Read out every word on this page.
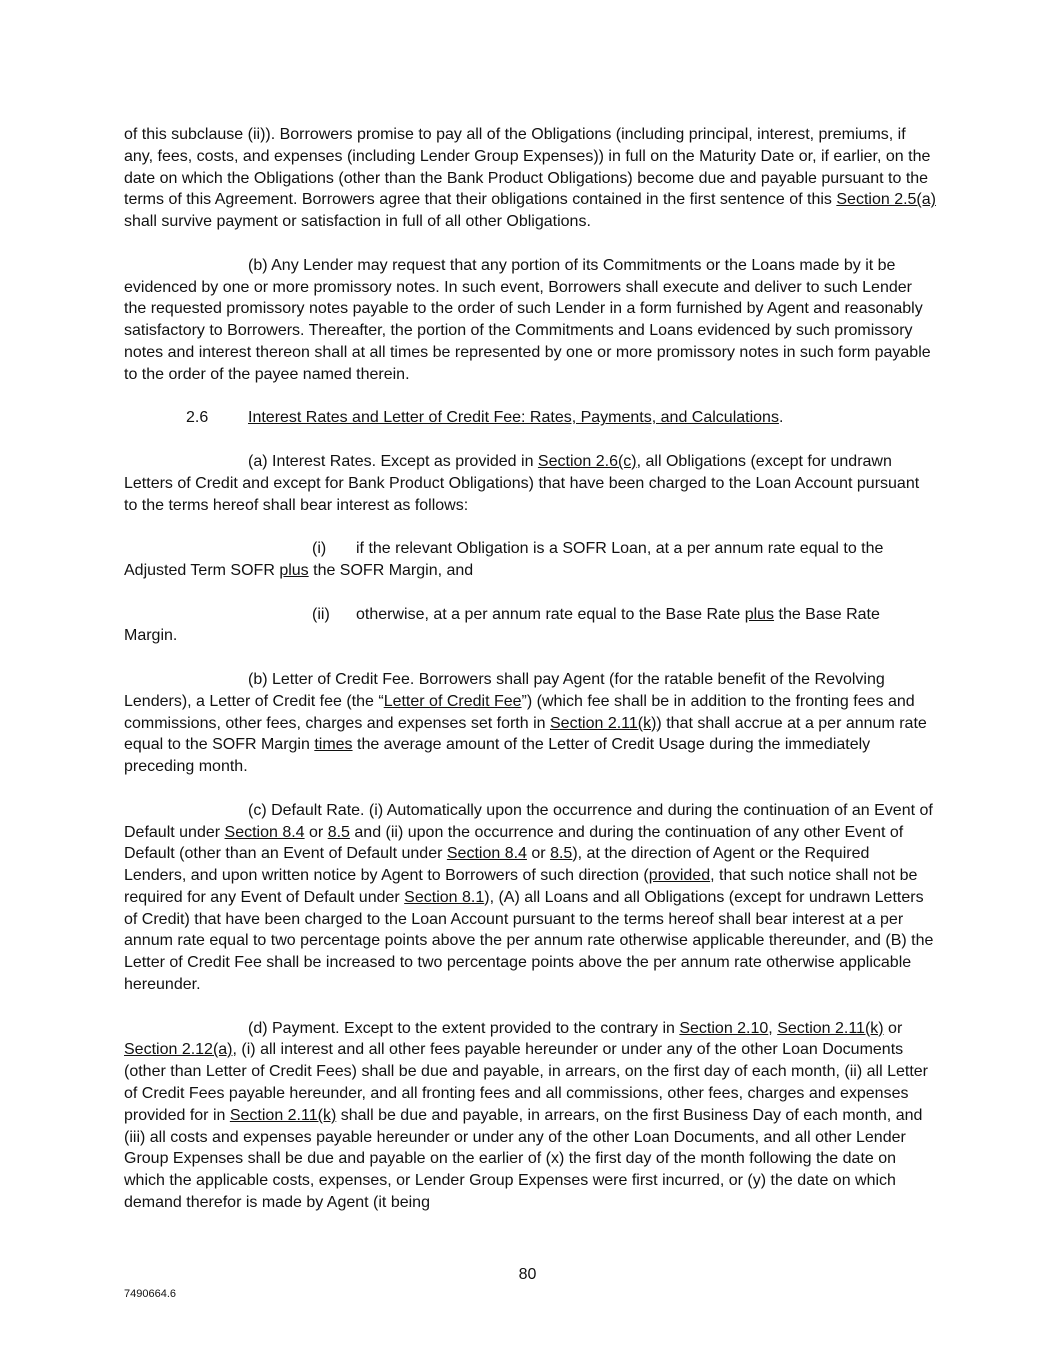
of this subclause (ii)). Borrowers promise to pay all of the Obligations (including principal, interest, premiums, if any, fees, costs, and expenses (including Lender Group Expenses)) in full on the Maturity Date or, if earlier, on the date on which the Obligations (other than the Bank Product Obligations) become due and payable pursuant to the terms of this Agreement. Borrowers agree that their obligations contained in the first sentence of this Section 2.5(a) shall survive payment or satisfaction in full of all other Obligations.

(b) Any Lender may request that any portion of its Commitments or the Loans made by it be evidenced by one or more promissory notes. In such event, Borrowers shall execute and deliver to such Lender the requested promissory notes payable to the order of such Lender in a form furnished by Agent and reasonably satisfactory to Borrowers. Thereafter, the portion of the Commitments and Loans evidenced by such promissory notes and interest thereon shall at all times be represented by one or more promissory notes in such form payable to the order of the payee named therein.

2.6 Interest Rates and Letter of Credit Fee: Rates, Payments, and Calculations.

(a) Interest Rates. Except as provided in Section 2.6(c), all Obligations (except for undrawn Letters of Credit and except for Bank Product Obligations) that have been charged to the Loan Account pursuant to the terms hereof shall bear interest as follows:

(i) if the relevant Obligation is a SOFR Loan, at a per annum rate equal to the Adjusted Term SOFR plus the SOFR Margin, and

(ii) otherwise, at a per annum rate equal to the Base Rate plus the Base Rate Margin.

(b) Letter of Credit Fee. Borrowers shall pay Agent (for the ratable benefit of the Revolving Lenders), a Letter of Credit fee (the “Letter of Credit Fee”) (which fee shall be in addition to the fronting fees and commissions, other fees, charges and expenses set forth in Section 2.11(k)) that shall accrue at a per annum rate equal to the SOFR Margin times the average amount of the Letter of Credit Usage during the immediately preceding month.

(c) Default Rate. (i) Automatically upon the occurrence and during the continuation of an Event of Default under Section 8.4 or 8.5 and (ii) upon the occurrence and during the continuation of any other Event of Default (other than an Event of Default under Section 8.4 or 8.5), at the direction of Agent or the Required Lenders, and upon written notice by Agent to Borrowers of such direction (provided, that such notice shall not be required for any Event of Default under Section 8.1), (A) all Loans and all Obligations (except for undrawn Letters of Credit) that have been charged to the Loan Account pursuant to the terms hereof shall bear interest at a per annum rate equal to two percentage points above the per annum rate otherwise applicable thereunder, and (B) the Letter of Credit Fee shall be increased to two percentage points above the per annum rate otherwise applicable hereunder.

(d) Payment. Except to the extent provided to the contrary in Section 2.10, Section 2.11(k) or Section 2.12(a), (i) all interest and all other fees payable hereunder or under any of the other Loan Documents (other than Letter of Credit Fees) shall be due and payable, in arrears, on the first day of each month, (ii) all Letter of Credit Fees payable hereunder, and all fronting fees and all commissions, other fees, charges and expenses provided for in Section 2.11(k) shall be due and payable, in arrears, on the first Business Day of each month, and (iii) all costs and expenses payable hereunder or under any of the other Loan Documents, and all other Lender Group Expenses shall be due and payable on the earlier of (x) the first day of the month following the date on which the applicable costs, expenses, or Lender Group Expenses were first incurred, or (y) the date on which demand therefor is made by Agent (it being

80
7490664.6
